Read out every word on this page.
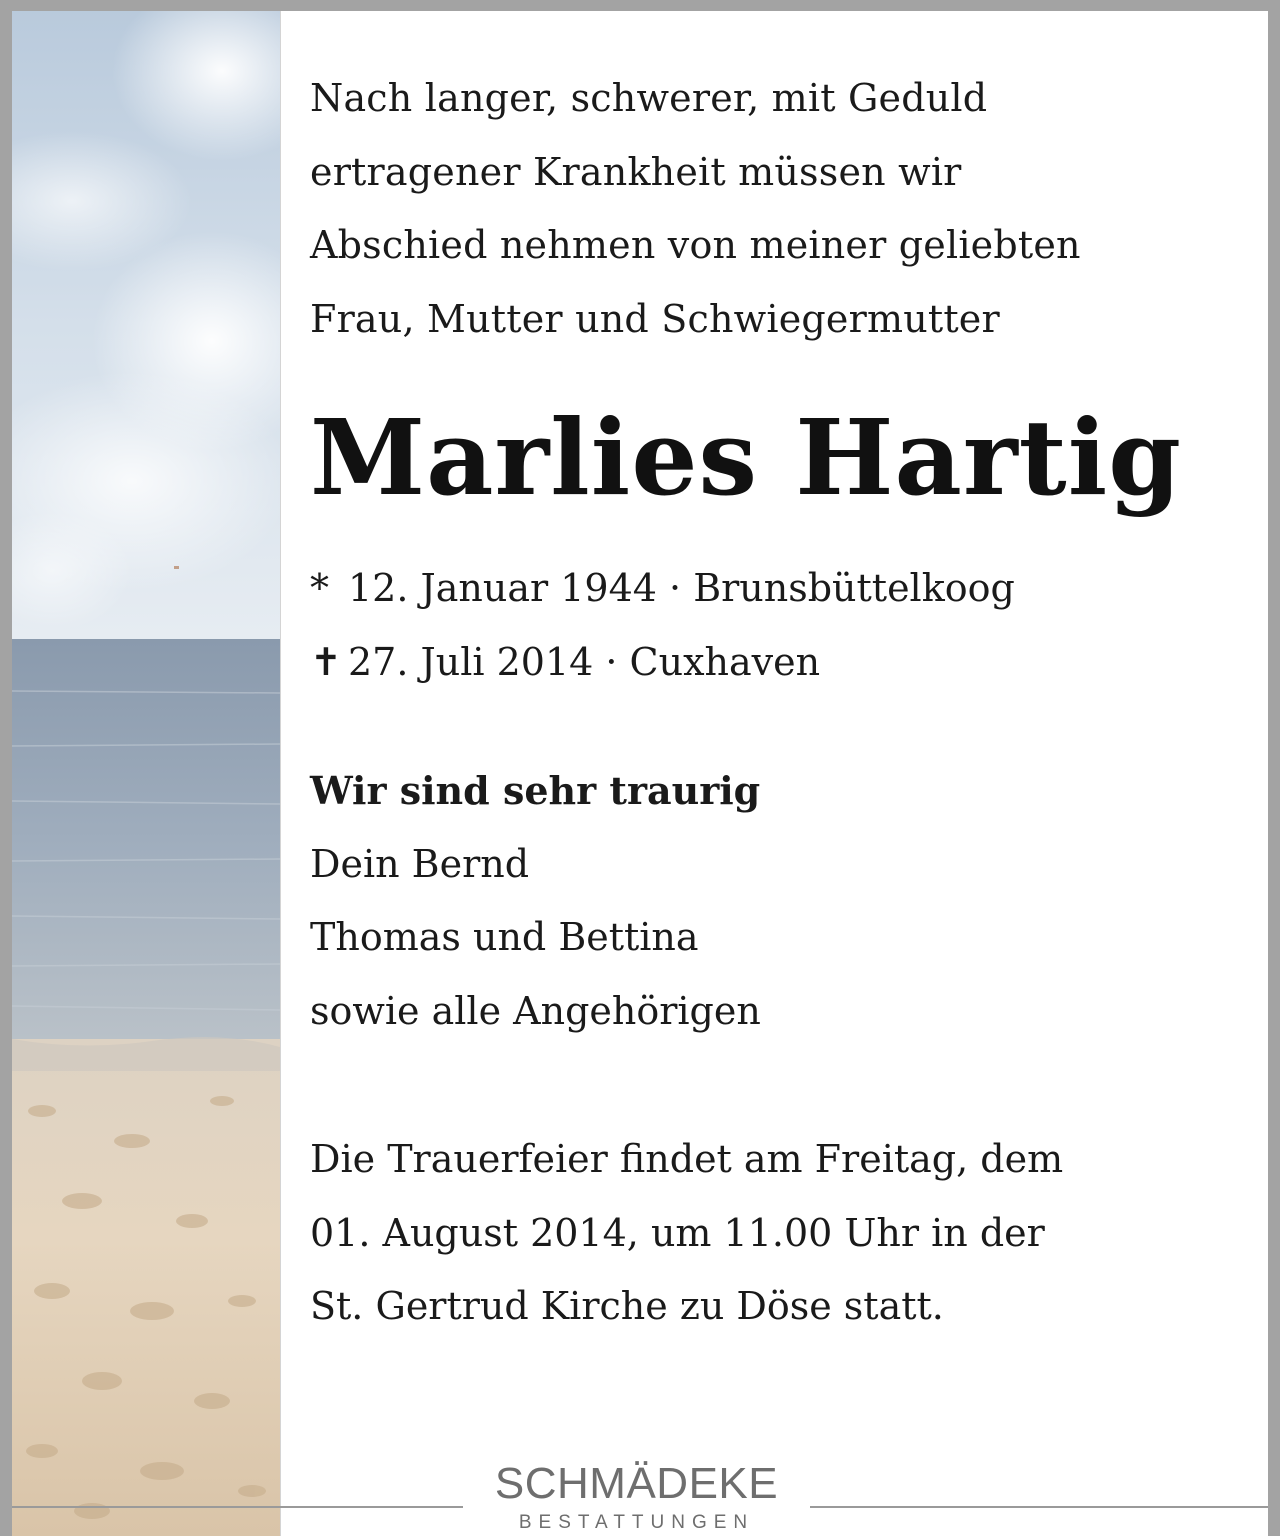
Nach langer, schwerer, mit Geduld

ertragener Krankheit müssen wir

Abschied nehmen von meiner geliebten

Frau, Mutter und Schwiegermutter

Marlies Hartig

* 12. Januar 1944 · Brunsbüttelkoog

✝ 27. Juli 2014 · Cuxhaven

Wir sind sehr traurig

Dein Bernd

Thomas und Bettina

sowie alle Angehörigen

Die Trauerfeier findet am Freitag, dem

01. August 2014, um 11.00 Uhr in der

St. Gertrud Kirche zu Döse statt.

SCHMÄDEKE
BESTATTUNGEN
